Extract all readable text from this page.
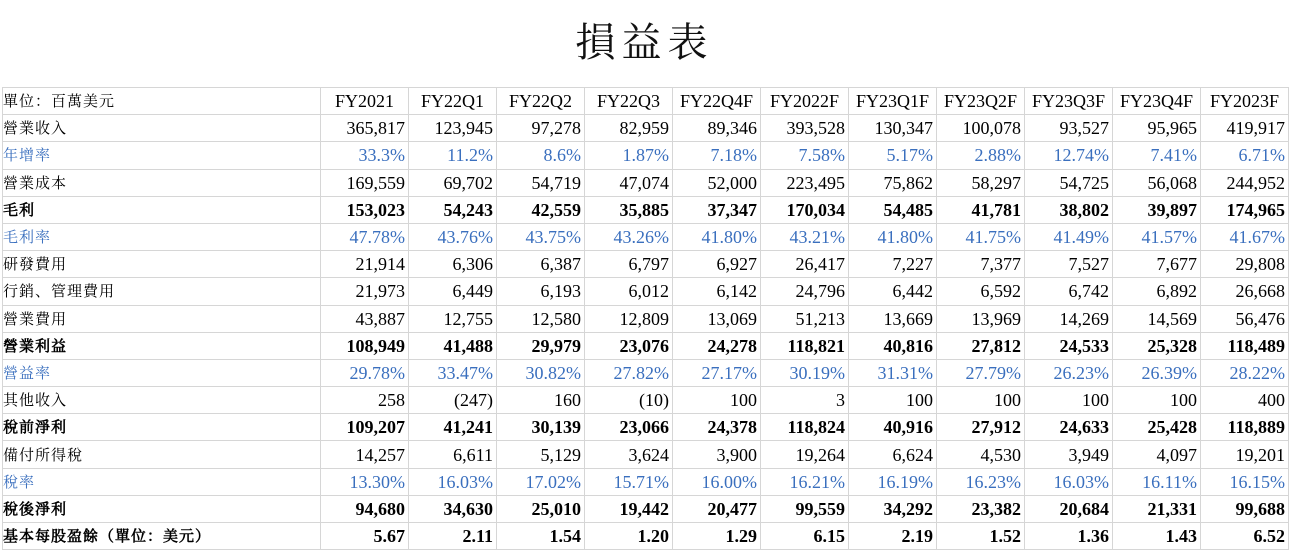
損益表
單位：百萬美元	FY2021	FY22Q1	FY22Q2	FY22Q3	FY22Q4F	FY2022F	FY23Q1F	FY23Q2F	FY23Q3F	FY23Q4F	FY2023F
營業收入	365,817	123,945	97,278	82,959	89,346	393,528	130,347	100,078	93,527	95,965	419,917
年增率	33.3%	11.2%	8.6%	1.87%	7.18%	7.58%	5.17%	2.88%	12.74%	7.41%	6.71%
營業成本	169,559	69,702	54,719	47,074	52,000	223,495	75,862	58,297	54,725	56,068	244,952
毛利	153,023	54,243	42,559	35,885	37,347	170,034	54,485	41,781	38,802	39,897	174,965
毛利率	47.78%	43.76%	43.75%	43.26%	41.80%	43.21%	41.80%	41.75%	41.49%	41.57%	41.67%
研發費用	21,914	6,306	6,387	6,797	6,927	26,417	7,227	7,377	7,527	7,677	29,808
行銷、管理費用	21,973	6,449	6,193	6,012	6,142	24,796	6,442	6,592	6,742	6,892	26,668
營業費用	43,887	12,755	12,580	12,809	13,069	51,213	13,669	13,969	14,269	14,569	56,476
營業利益	108,949	41,488	29,979	23,076	24,278	118,821	40,816	27,812	24,533	25,328	118,489
營益率	29.78%	33.47%	30.82%	27.82%	27.17%	30.19%	31.31%	27.79%	26.23%	26.39%	28.22%
其他收入	258	(247)	160	(10)	100	3	100	100	100	100	400
稅前淨利	109,207	41,241	30,139	23,066	24,378	118,824	40,916	27,912	24,633	25,428	118,889
備付所得稅	14,257	6,611	5,129	3,624	3,900	19,264	6,624	4,530	3,949	4,097	19,201
稅率	13.30%	16.03%	17.02%	15.71%	16.00%	16.21%	16.19%	16.23%	16.03%	16.11%	16.15%
稅後淨利	94,680	34,630	25,010	19,442	20,477	99,559	34,292	23,382	20,684	21,331	99,688
基本每股盈餘（單位：美元）	5.67	2.11	1.54	1.20	1.29	6.15	2.19	1.52	1.36	1.43	6.52
